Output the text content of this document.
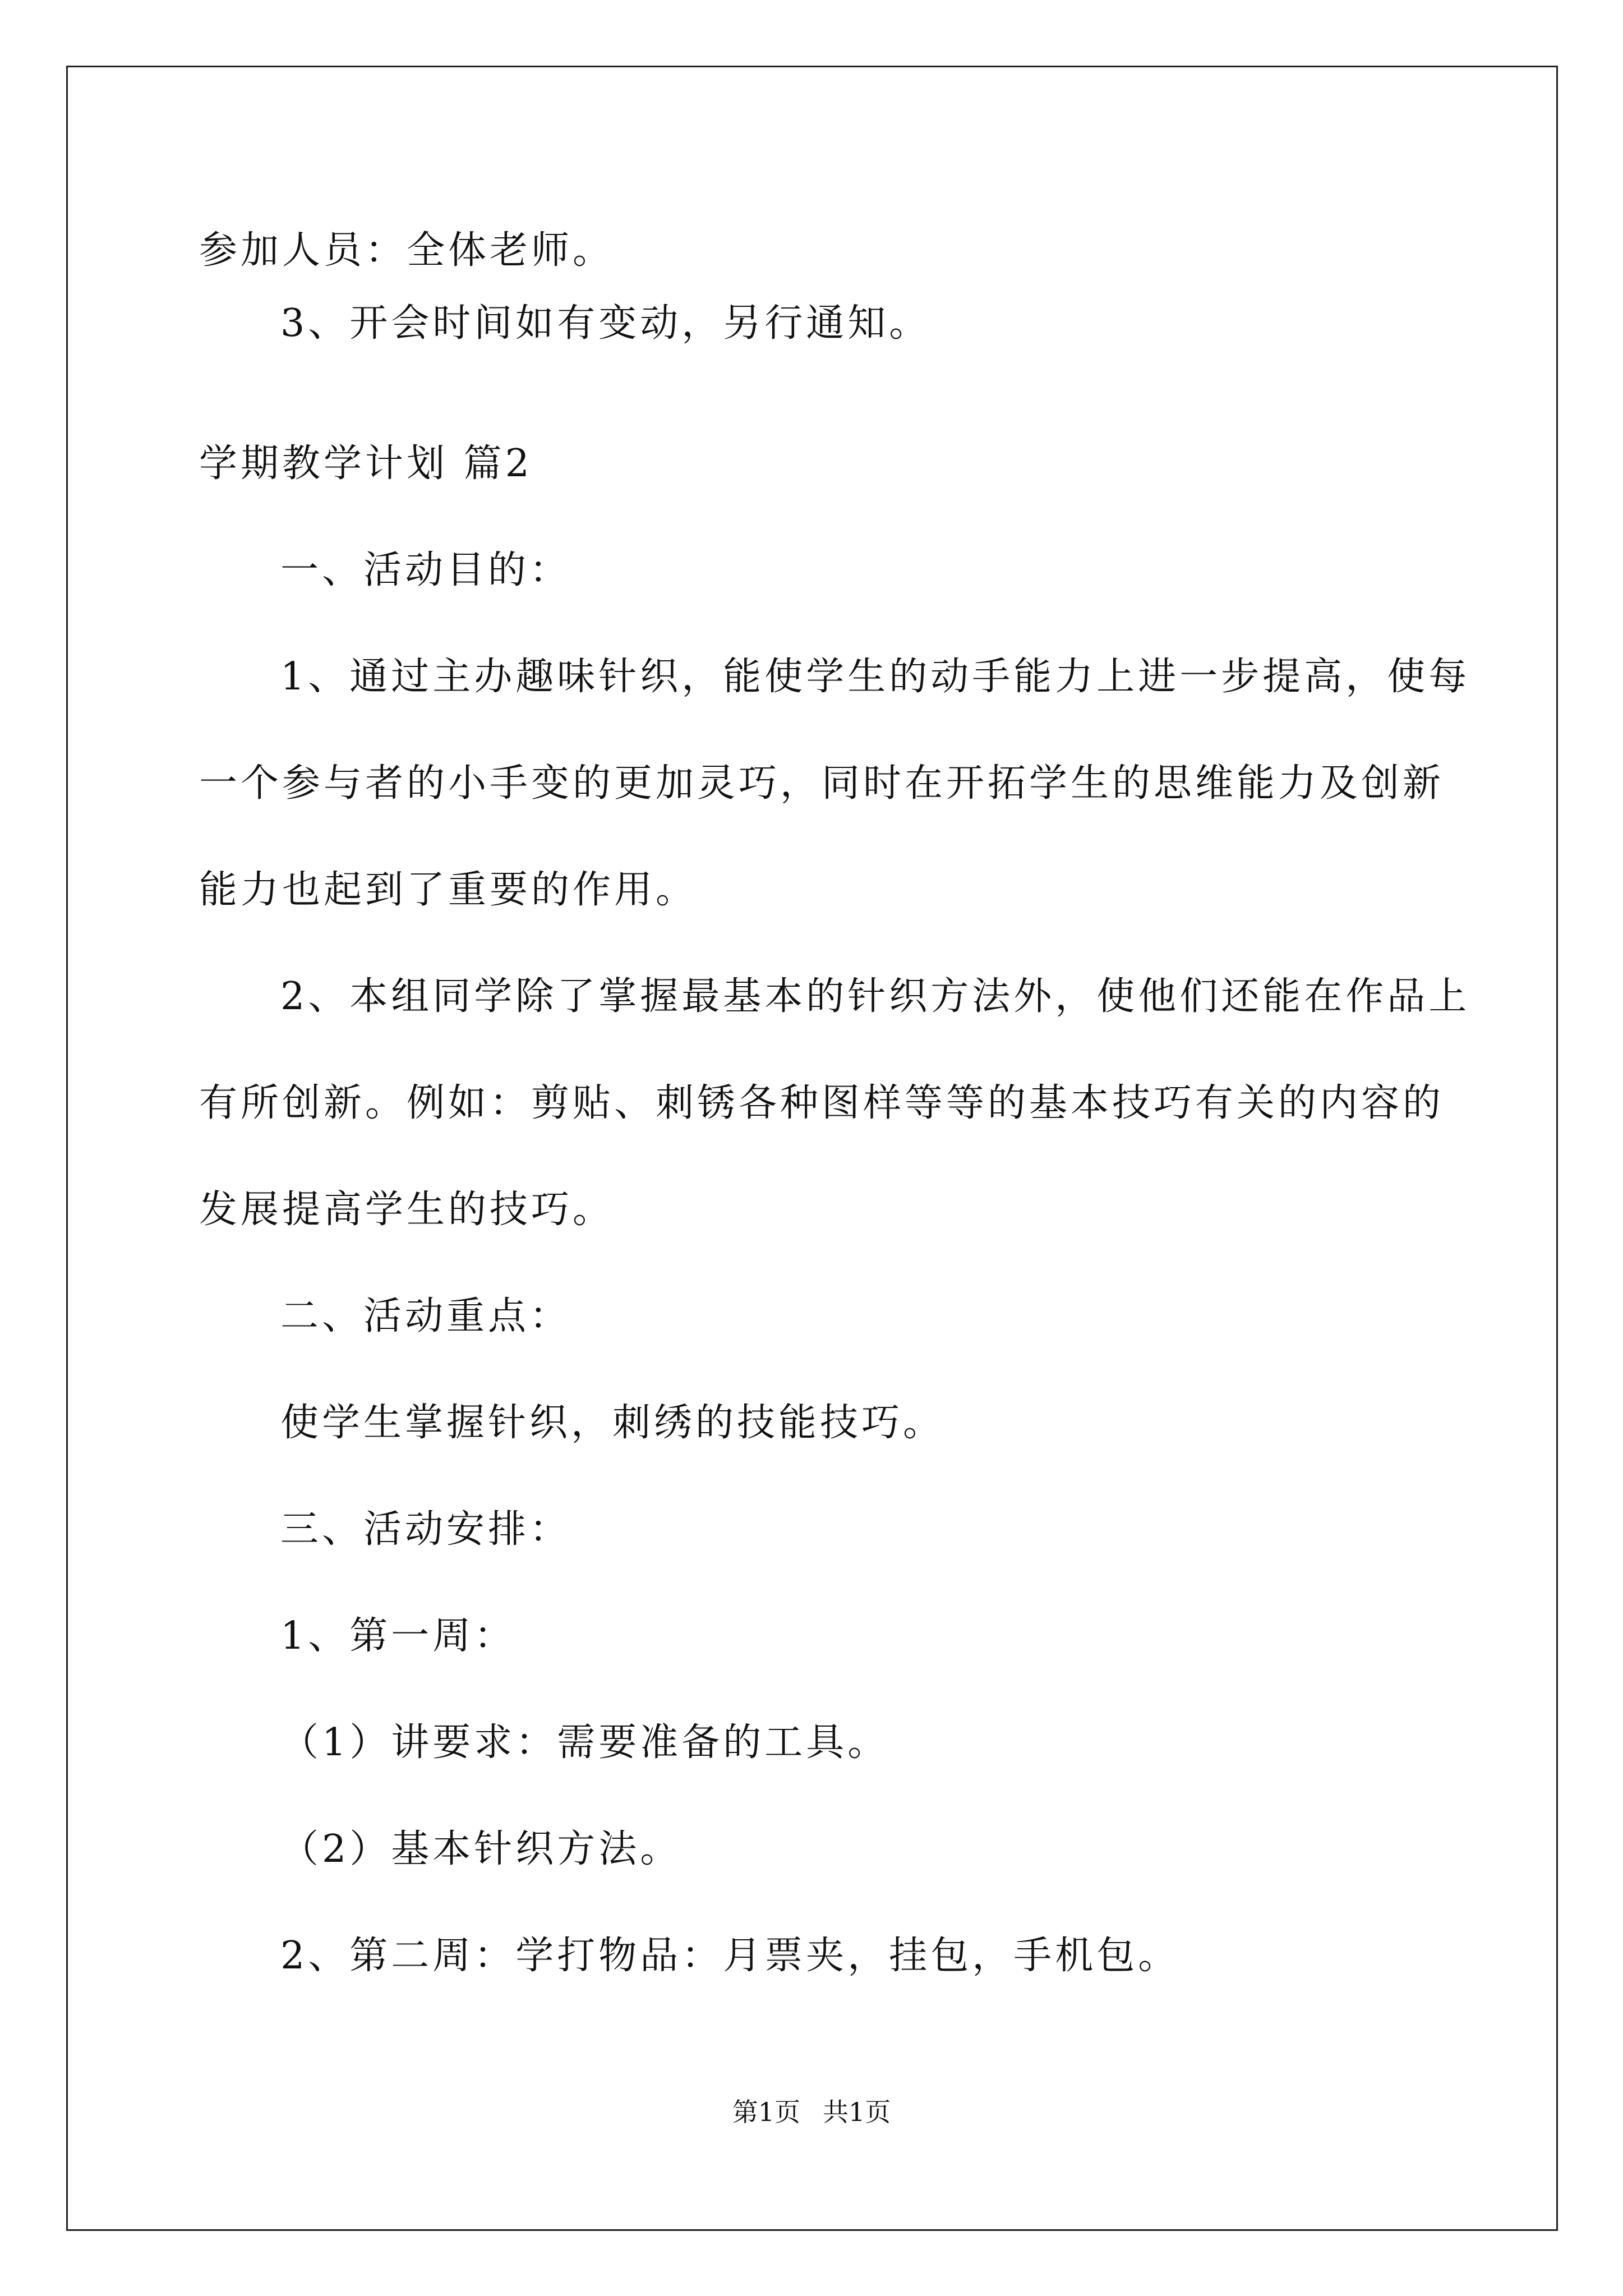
参加人员：全体老师。
3、开会时间如有变动，另行通知。
学期教学计划 篇2
一、活动目的：
1、通过主办趣味针织，能使学生的动手能力上进一步提高，使每
一个参与者的小手变的更加灵巧，同时在开拓学生的思维能力及创新
能力也起到了重要的作用。
2、本组同学除了掌握最基本的针织方法外，使他们还能在作品上
有所创新。例如：剪贴、刺锈各种图样等等的基本技巧有关的内容的
发展提高学生的技巧。
二、活动重点：
使学生掌握针织，刺绣的技能技巧。
三、活动安排：
1、第一周：
（1）讲要求：需要准备的工具。
（2）基本针织方法。
2、第二周：学打物品：月票夹，挂包，手机包。
第1页 共1页
